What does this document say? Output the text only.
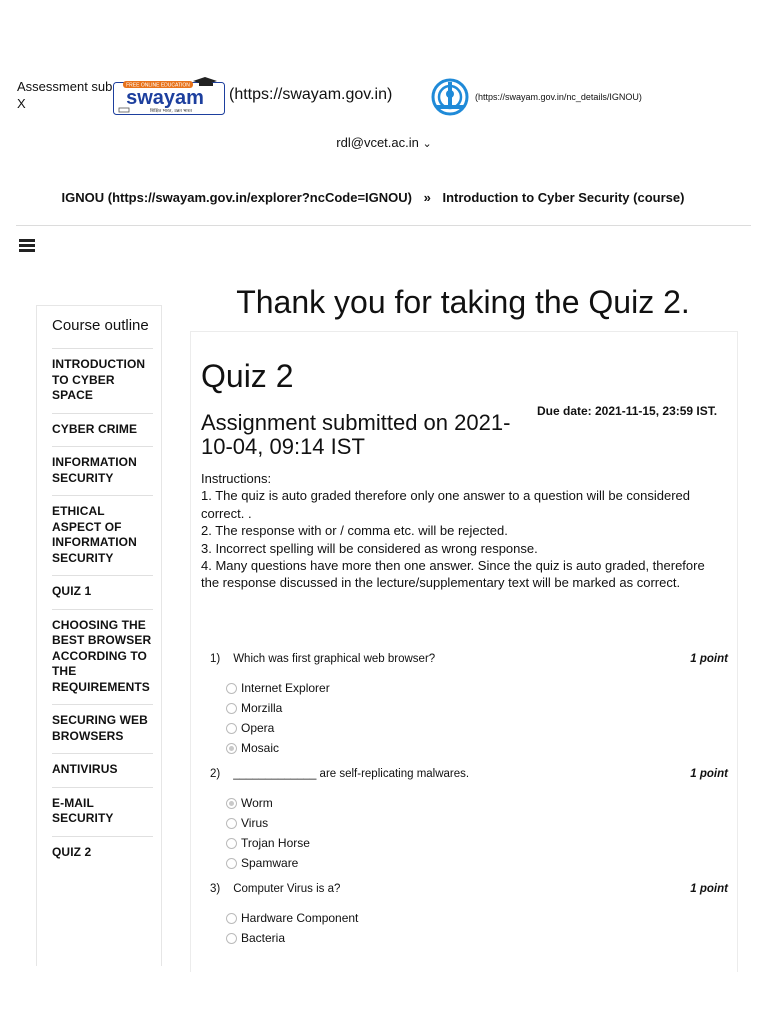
Assessment sub
X
FREE ONLINE EDUCATION
swayam
शिक्षित भारत, उन्नत भारत
(https://swayam.gov.in)	(https://swayam.gov.in/nc_details/IGNOU)
rdl@vcet.ac.in ⌄
IGNOU (https://swayam.gov.in/explorer?ncCode=IGNOU) » Introduction to Cyber Security (course)
Course outline
INTRODUCTION TO CYBER SPACE
CYBER CRIME
INFORMATION SECURITY
ETHICAL ASPECT OF INFORMATION SECURITY
QUIZ 1
CHOOSING THE BEST BROWSER ACCORDING TO THE REQUIREMENTS
SECURING WEB BROWSERS
ANTIVIRUS
E-MAIL SECURITY
QUIZ 2
Thank you for taking the Quiz 2.
Quiz 2
Assignment submitted on 2021-10-04, 09:14 IST
Due date: 2021-11-15, 23:59 IST.
Instructions:
1. The quiz is auto graded therefore only one answer to a question will be considered correct. .
2. The response with or / comma etc. will be rejected.
3. Incorrect spelling will be considered as wrong response.
4. Many questions have more then one answer. Since the quiz is auto graded, therefore the response discussed in the lecture/supplementary text will be marked as correct.
1) Which was first graphical web browser?	1 point
Internet Explorer
Morzilla
Opera
Mosaic
2) _____________ are self-replicating malwares.	1 point
Worm
Virus
Trojan Horse
Spamware
3) Computer Virus is a?	1 point
Hardware Component
Bacteria
